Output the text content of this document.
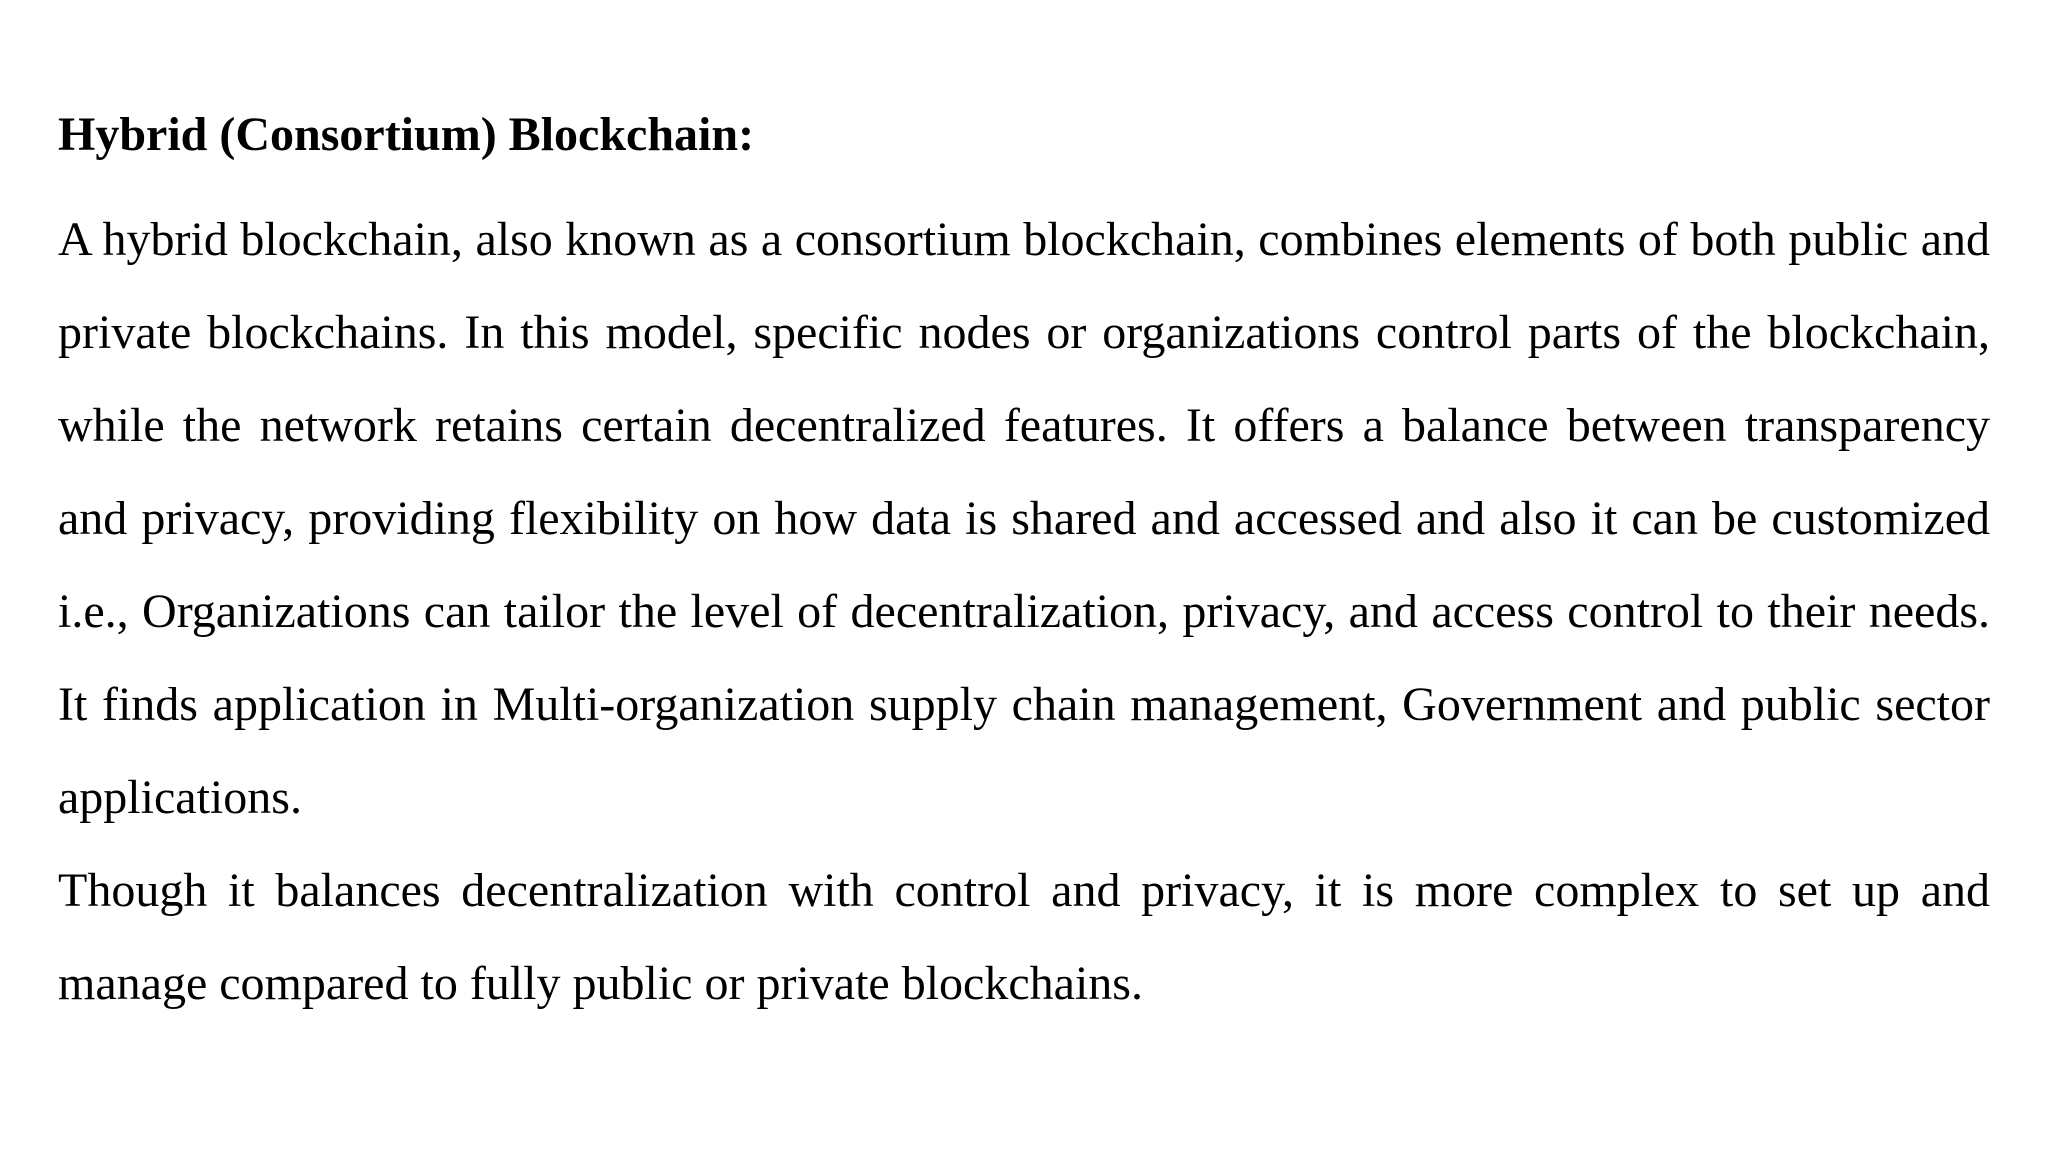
Hybrid (Consortium) Blockchain:

A hybrid blockchain, also known as a consortium blockchain, combines elements of both public and private blockchains. In this model, specific nodes or organizations control parts of the blockchain, while the network retains certain decentralized features. It offers a balance between transparency and privacy, providing flexibility on how data is shared and accessed and also it can be customized i.e., Organizations can tailor the level of decentralization, privacy, and access control to their needs. It finds application in Multi-organization supply chain management, Government and public sector applications.

Though it balances decentralization with control and privacy, it is more complex to set up and manage compared to fully public or private blockchains.
